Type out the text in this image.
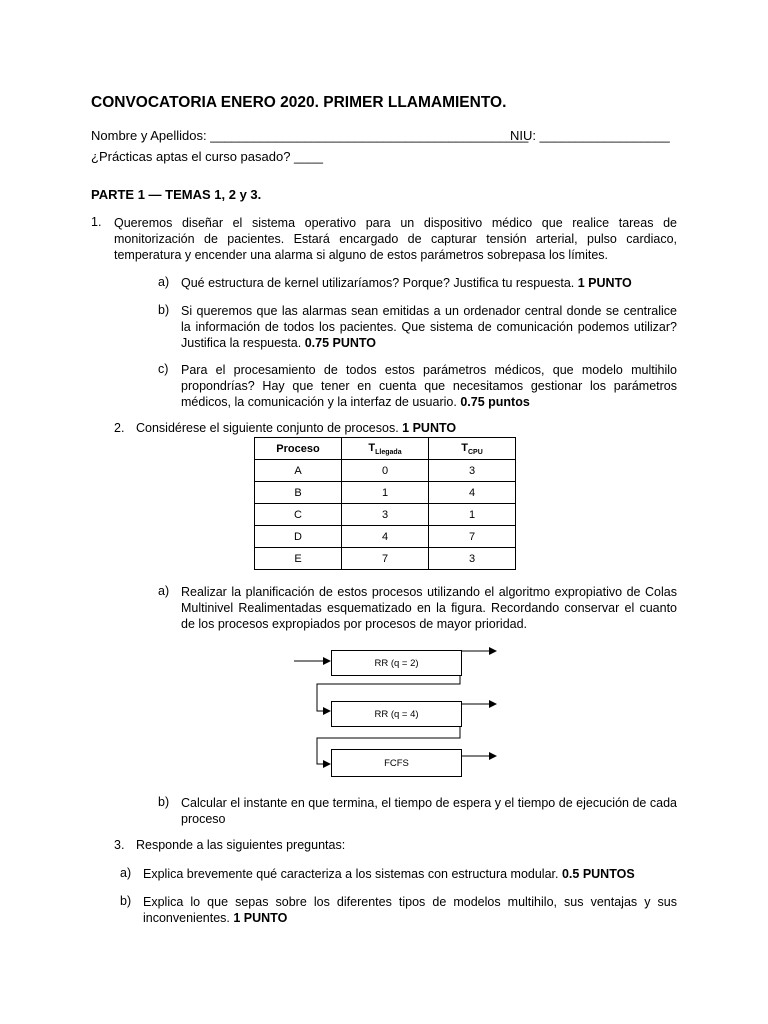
CONVOCATORIA ENERO 2020. PRIMER LLAMAMIENTO.
Nombre y Apellidos: ____________________________________________
NIU: __________________
¿Prácticas aptas el curso pasado? ____
PARTE 1 — TEMAS 1, 2 y 3.
1. Queremos diseñar el sistema operativo para un dispositivo médico que realice tareas de monitorización de pacientes. Estará encargado de capturar tensión arterial, pulso cardiaco, temperatura y encender una alarma si alguno de estos parámetros sobrepasa los límites.
a) Qué estructura de kernel utilizaríamos? Porque? Justifica tu respuesta. 1 PUNTO
b) Si queremos que las alarmas sean emitidas a un ordenador central donde se centralice la información de todos los pacientes. Que sistema de comunicación podemos utilizar? Justifica la respuesta. 0.75 PUNTO
c) Para el procesamiento de todos estos parámetros médicos, que modelo multihilo propondrías? Hay que tener en cuenta que necesitamos gestionar los parámetros médicos, la comunicación y la interfaz de usuario. 0.75 puntos
2. Considérese el siguiente conjunto de procesos. 1 PUNTO
Proceso	$T_{Llegada}$	$T_{CPU}$
A	0	3
B	1	4
C	3	1
D	4	7
E	7	3
a) Realizar la planificación de estos procesos utilizando el algoritmo expropiativo de Colas Multinivel Realimentadas esquematizado en la figura. Recordando conservar el cuanto de los procesos expropiados por procesos de mayor prioridad.
RR (q = 2)
RR (q = 4)
FCFS
b) Calcular el instante en que termina, el tiempo de espera y el tiempo de ejecución de cada proceso
3. Responde a las siguientes preguntas:
a) Explica brevemente qué caracteriza a los sistemas con estructura modular. 0.5 PUNTOS
b) Explica lo que sepas sobre los diferentes tipos de modelos multihilo, sus ventajas y sus inconvenientes. 1 PUNTO
